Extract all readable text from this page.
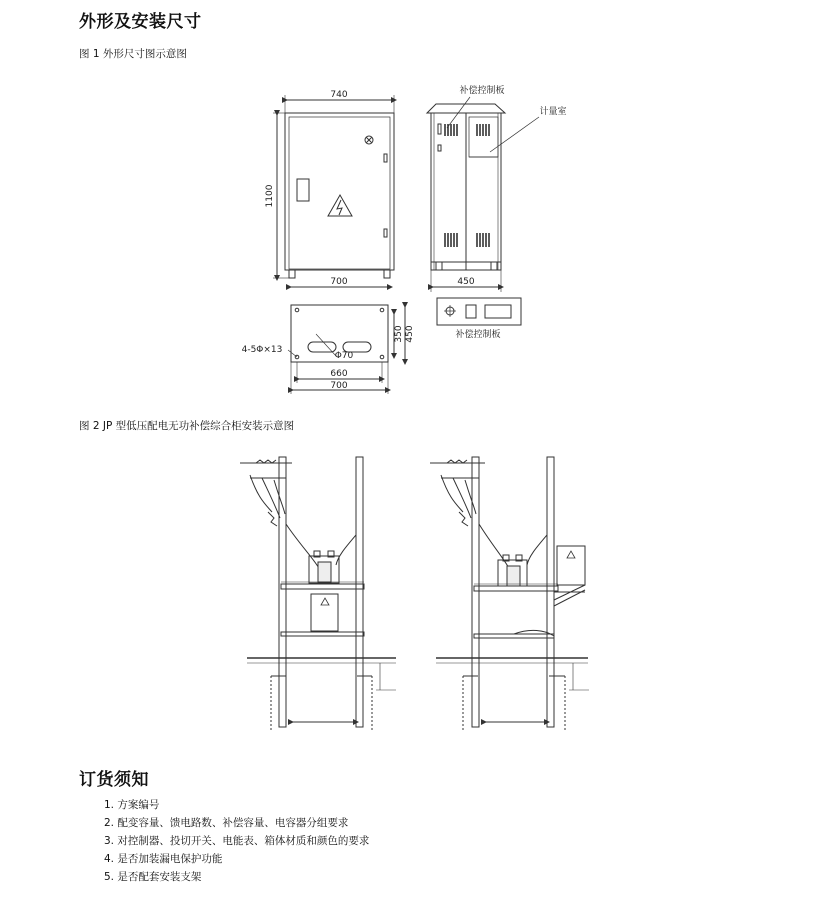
外形及安装尺寸

图 1 外形尺寸图示意图

740
1100
700
补偿控制板
计量室
450
350 450
4-5Φ×13
Φ70
660
700
补偿控制板

图 2 JP 型低压配电无功补偿综合柜安装示意图

订货须知
1. 方案编号
2. 配变容量、馈电路数、补偿容量、电容器分组要求
3. 对控制器、投切开关、电能表、箱体材质和颜色的要求
4. 是否加装漏电保护功能
5. 是否配套安装支架
